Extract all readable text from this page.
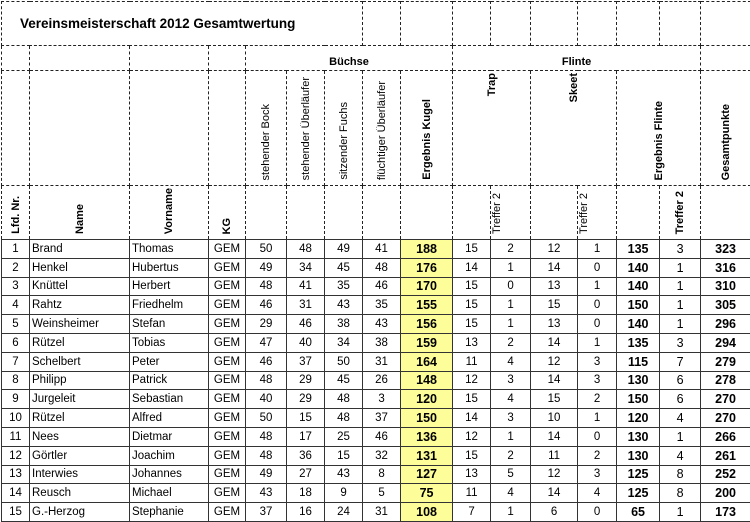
Vereinsmeisterschaft 2012 Gesamtwertung															
				Büchse					Flinte						
				stehender Bock	stehender Überläufer	sitzender Fuchs	flüchtiger Überläufer	Ergebnis Kugel	Trap		Skeet		Ergebnis Flinte		Gesamtpunkte
Lfd. Nr.	Name	Vorname	KG							Treffer 2		Treffer 2		Treffer 2	
1	Brand	Thomas	GEM	50	48	49	41	188	15	2	12	1	135	3	323
2	Henkel	Hubertus	GEM	49	34	45	48	176	14	1	14	0	140	1	316
3	Knüttel	Herbert	GEM	48	41	35	46	170	15	0	13	1	140	1	310
4	Rahtz	Friedhelm	GEM	46	31	43	35	155	15	1	15	0	150	1	305
5	Weinsheimer	Stefan	GEM	29	46	38	43	156	15	1	13	0	140	1	296
6	Rützel	Tobias	GEM	47	40	34	38	159	13	2	14	1	135	3	294
7	Schelbert	Peter	GEM	46	37	50	31	164	11	4	12	3	115	7	279
8	Philipp	Patrick	GEM	48	29	45	26	148	12	3	14	3	130	6	278
9	Jurgeleit	Sebastian	GEM	40	29	48	3	120	15	4	15	2	150	6	270
10	Rützel	Alfred	GEM	50	15	48	37	150	14	3	10	1	120	4	270
11	Nees	Dietmar	GEM	48	17	25	46	136	12	1	14	0	130	1	266
12	Görtler	Joachim	GEM	48	36	15	32	131	15	2	11	2	130	4	261
13	Interwies	Johannes	GEM	49	27	43	8	127	13	5	12	3	125	8	252
14	Reusch	Michael	GEM	43	18	9	5	75	11	4	14	4	125	8	200
15	G.-Herzog	Stephanie	GEM	37	16	24	31	108	7	1	6	0	65	1	173
